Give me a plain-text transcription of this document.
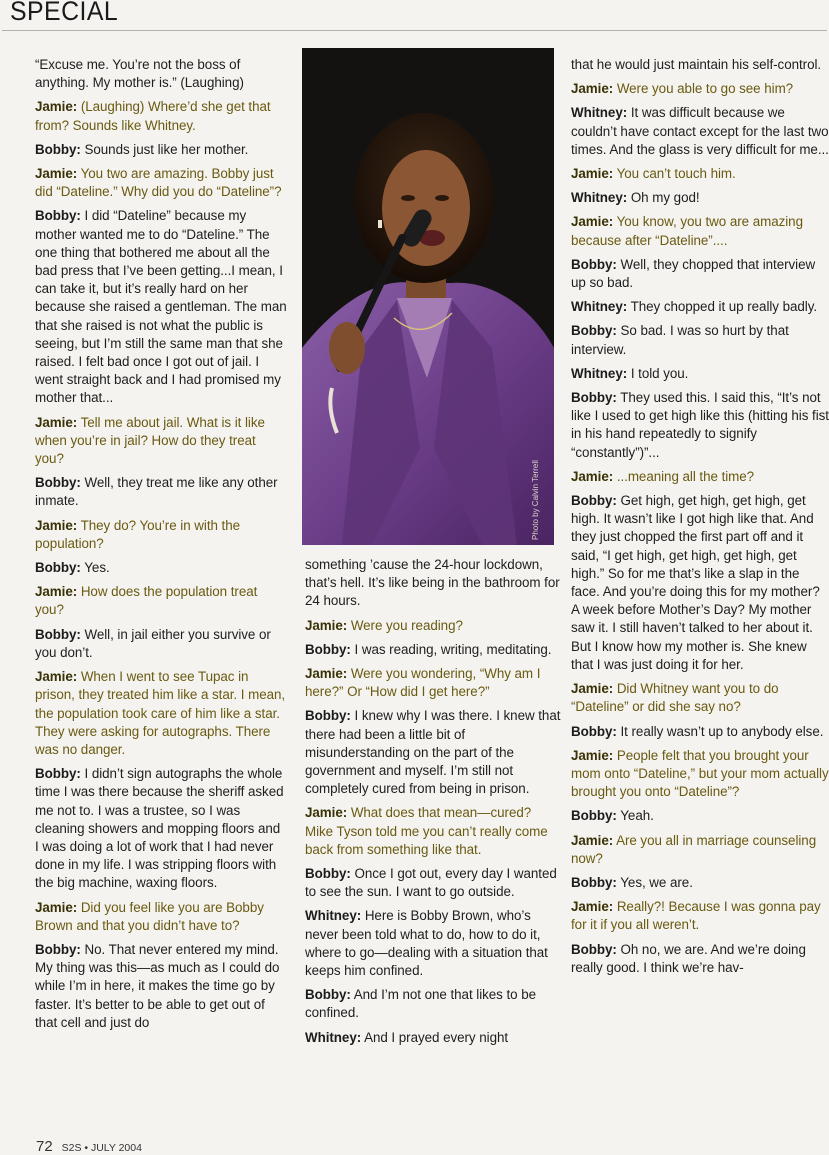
SPECIAL
Photo by Calvin Terrell

“Excuse me. You’re not the boss of anything. My mother is.” (Laughing)

Jamie: (Laughing) Where’d she get that from? Sounds like Whitney.

Bobby: Sounds just like her mother.

Jamie: You two are amazing. Bobby just did “Dateline.” Why did you do “Dateline”?

Bobby: I did “Dateline” because my mother wanted me to do “Dateline.” The one thing that bothered me about all the bad press that I’ve been getting...I mean, I can take it, but it’s really hard on her because she raised a gentleman. The man that she raised is not what the public is seeing, but I’m still the same man that she raised. I felt bad once I got out of jail. I went straight back and I had promised my mother that...

Jamie: Tell me about jail. What is it like when you’re in jail? How do they treat you?

Bobby: Well, they treat me like any other inmate.

Jamie: They do? You’re in with the population?

Bobby: Yes.

Jamie: How does the population treat you?

Bobby: Well, in jail either you survive or you don’t.

Jamie: When I went to see Tupac in prison, they treated him like a star. I mean, the population took care of him like a star. They were asking for autographs. There was no danger.

Bobby: I didn’t sign autographs the whole time I was there because the sheriff asked me not to. I was a trustee, so I was cleaning showers and mopping floors and I was doing a lot of work that I had never done in my life. I was stripping floors with the big machine, waxing floors.

Jamie: Did you feel like you are Bobby Brown and that you didn’t have to?

Bobby: No. That never entered my mind. My thing was this—as much as I could do while I’m in here, it makes the time go by faster. It’s better to be able to get out of that cell and just do

something ’cause the 24-hour lockdown, that’s hell. It’s like being in the bathroom for 24 hours.

Jamie: Were you reading?

Bobby: I was reading, writing, meditating.

Jamie: Were you wondering, “Why am I here?” Or “How did I get here?”

Bobby: I knew why I was there. I knew that there had been a little bit of misunderstanding on the part of the government and myself. I’m still not completely cured from being in prison.

Jamie: What does that mean—cured? Mike Tyson told me you can’t really come back from something like that.

Bobby: Once I got out, every day I wanted to see the sun. I want to go outside.

Whitney: Here is Bobby Brown, who’s never been told what to do, how to do it, where to go—dealing with a situation that keeps him confined.

Bobby: And I’m not one that likes to be confined.

Whitney: And I prayed every night

that he would just maintain his self-control.

Jamie: Were you able to go see him?

Whitney: It was difficult because we couldn’t have contact except for the last two times. And the glass is very difficult for me...

Jamie: You can’t touch him.

Whitney: Oh my god!

Jamie: You know, you two are amazing because after “Dateline”....

Bobby: Well, they chopped that interview up so bad.

Whitney: They chopped it up really badly.

Bobby: So bad. I was so hurt by that interview.

Whitney: I told you.

Bobby: They used this. I said this, “It’s not like I used to get high like this (hitting his fist in his hand repeatedly to signify “constantly”)”...

Jamie: ...meaning all the time?

Bobby: Get high, get high, get high, get high. It wasn’t like I got high like that. And they just chopped the first part off and it said, “I get high, get high, get high, get high.” So for me that’s like a slap in the face. And you’re doing this for my mother? A week before Mother’s Day? My mother saw it. I still haven’t talked to her about it. But I know how my mother is. She knew that I was just doing it for her.

Jamie: Did Whitney want you to do “Dateline” or did she say no?

Bobby: It really wasn’t up to anybody else.

Jamie: People felt that you brought your mom onto “Dateline,” but your mom actually brought you onto “Dateline”?

Bobby: Yeah.

Jamie: Are you all in marriage counseling now?

Bobby: Yes, we are.

Jamie: Really?! Because I was gonna pay for it if you all weren’t.

Bobby: Oh no, we are. And we’re doing really good. I think we’re hav-

72 S2S • JULY 2004
